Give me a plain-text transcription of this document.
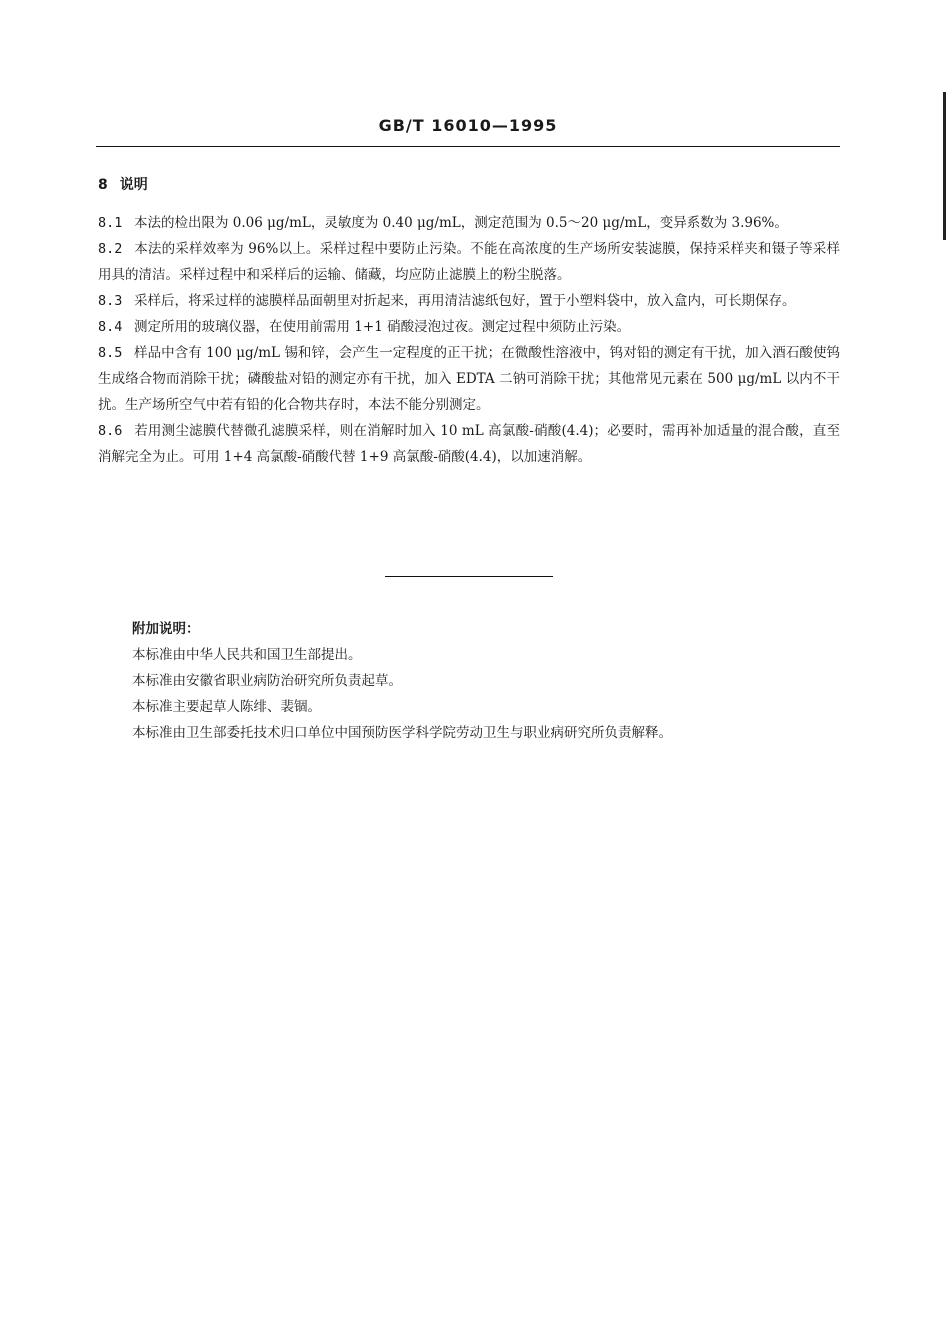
GB/T 16010—1995
8 说明

8.1 本法的检出限为 0.06 μg/mL，灵敏度为 0.40 μg/mL，测定范围为 0.5～20 μg/mL，变异系数为 3.96%。

8.2 本法的采样效率为 96%以上。采样过程中要防止污染。不能在高浓度的生产场所安装滤膜，保持采样夹和镊子等采样用具的清洁。采样过程中和采样后的运输、储藏，均应防止滤膜上的粉尘脱落。

8.3 采样后，将采过样的滤膜样品面朝里对折起来，再用清洁滤纸包好，置于小塑料袋中，放入盒内，可长期保存。

8.4 测定所用的玻璃仪器，在使用前需用 1+1 硝酸浸泡过夜。测定过程中须防止污染。

8.5 样品中含有 100 μg/mL 锡和锌，会产生一定程度的正干扰；在微酸性溶液中，钨对铅的测定有干扰，加入酒石酸使钨生成络合物而消除干扰；磷酸盐对铅的测定亦有干扰，加入 EDTA 二钠可消除干扰；其他常见元素在 500 μg/mL 以内不干扰。生产场所空气中若有铅的化合物共存时，本法不能分别测定。

8.6 若用测尘滤膜代替微孔滤膜采样，则在消解时加入 10 mL 高氯酸-硝酸(4.4)；必要时，需再补加适量的混合酸，直至消解完全为止。可用 1+4 高氯酸-硝酸代替 1+9 高氯酸-硝酸(4.4)，以加速消解。

附加说明：

本标准由中华人民共和国卫生部提出。

本标准由安徽省职业病防治研究所负责起草。

本标准主要起草人陈绯、裴锢。

本标准由卫生部委托技术归口单位中国预防医学科学院劳动卫生与职业病研究所负责解释。
